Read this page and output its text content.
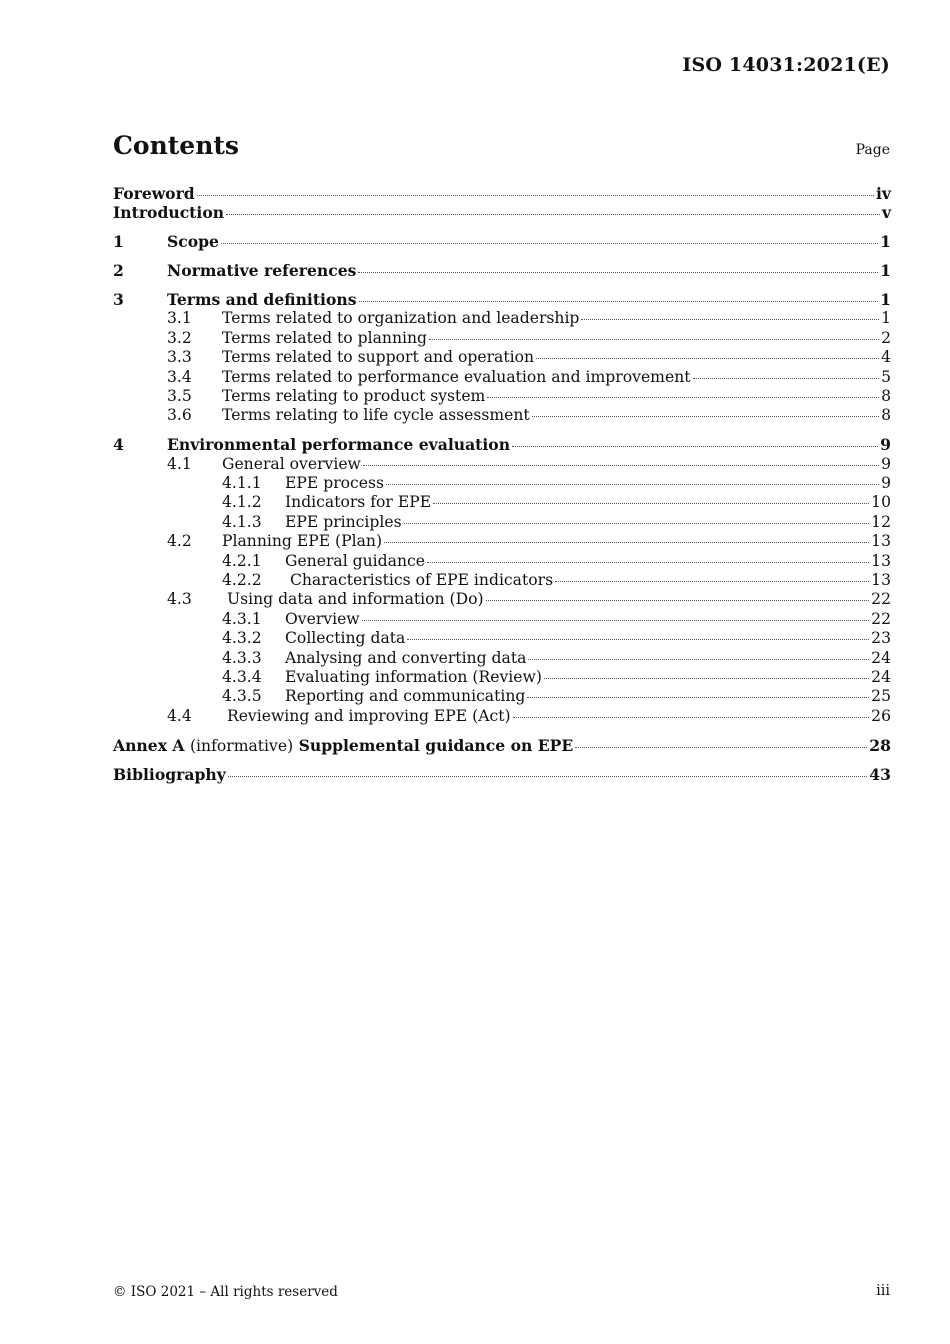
ISO 14031:2021(E)
Contents	Page
Foreword	iv
Introduction	v
1	Scope	1
2	Normative references	1
3	Terms and definitions	1
3.1	Terms related to organization and leadership	1
3.2	Terms related to planning	2
3.3	Terms related to support and operation	4
3.4	Terms related to performance evaluation and improvement	5
3.5	Terms relating to product system	8
3.6	Terms relating to life cycle assessment	8
4	Environmental performance evaluation	9
4.1	General overview	9
4.1.1	EPE process	9
4.1.2	Indicators for EPE	10
4.1.3	EPE principles	12
4.2	Planning EPE (Plan)	13
4.2.1	General guidance	13
4.2.2	Characteristics of EPE indicators	13
4.3	Using data and information (Do)	22
4.3.1	Overview	22
4.3.2	Collecting data	23
4.3.3	Analysing and converting data	24
4.3.4	Evaluating information (Review)	24
4.3.5	Reporting and communicating	25
4.4	Reviewing and improving EPE (Act)	26
Annex A (informative) Supplemental guidance on EPE	28
Bibliography	43
© ISO 2021 – All rights reserved	iii
